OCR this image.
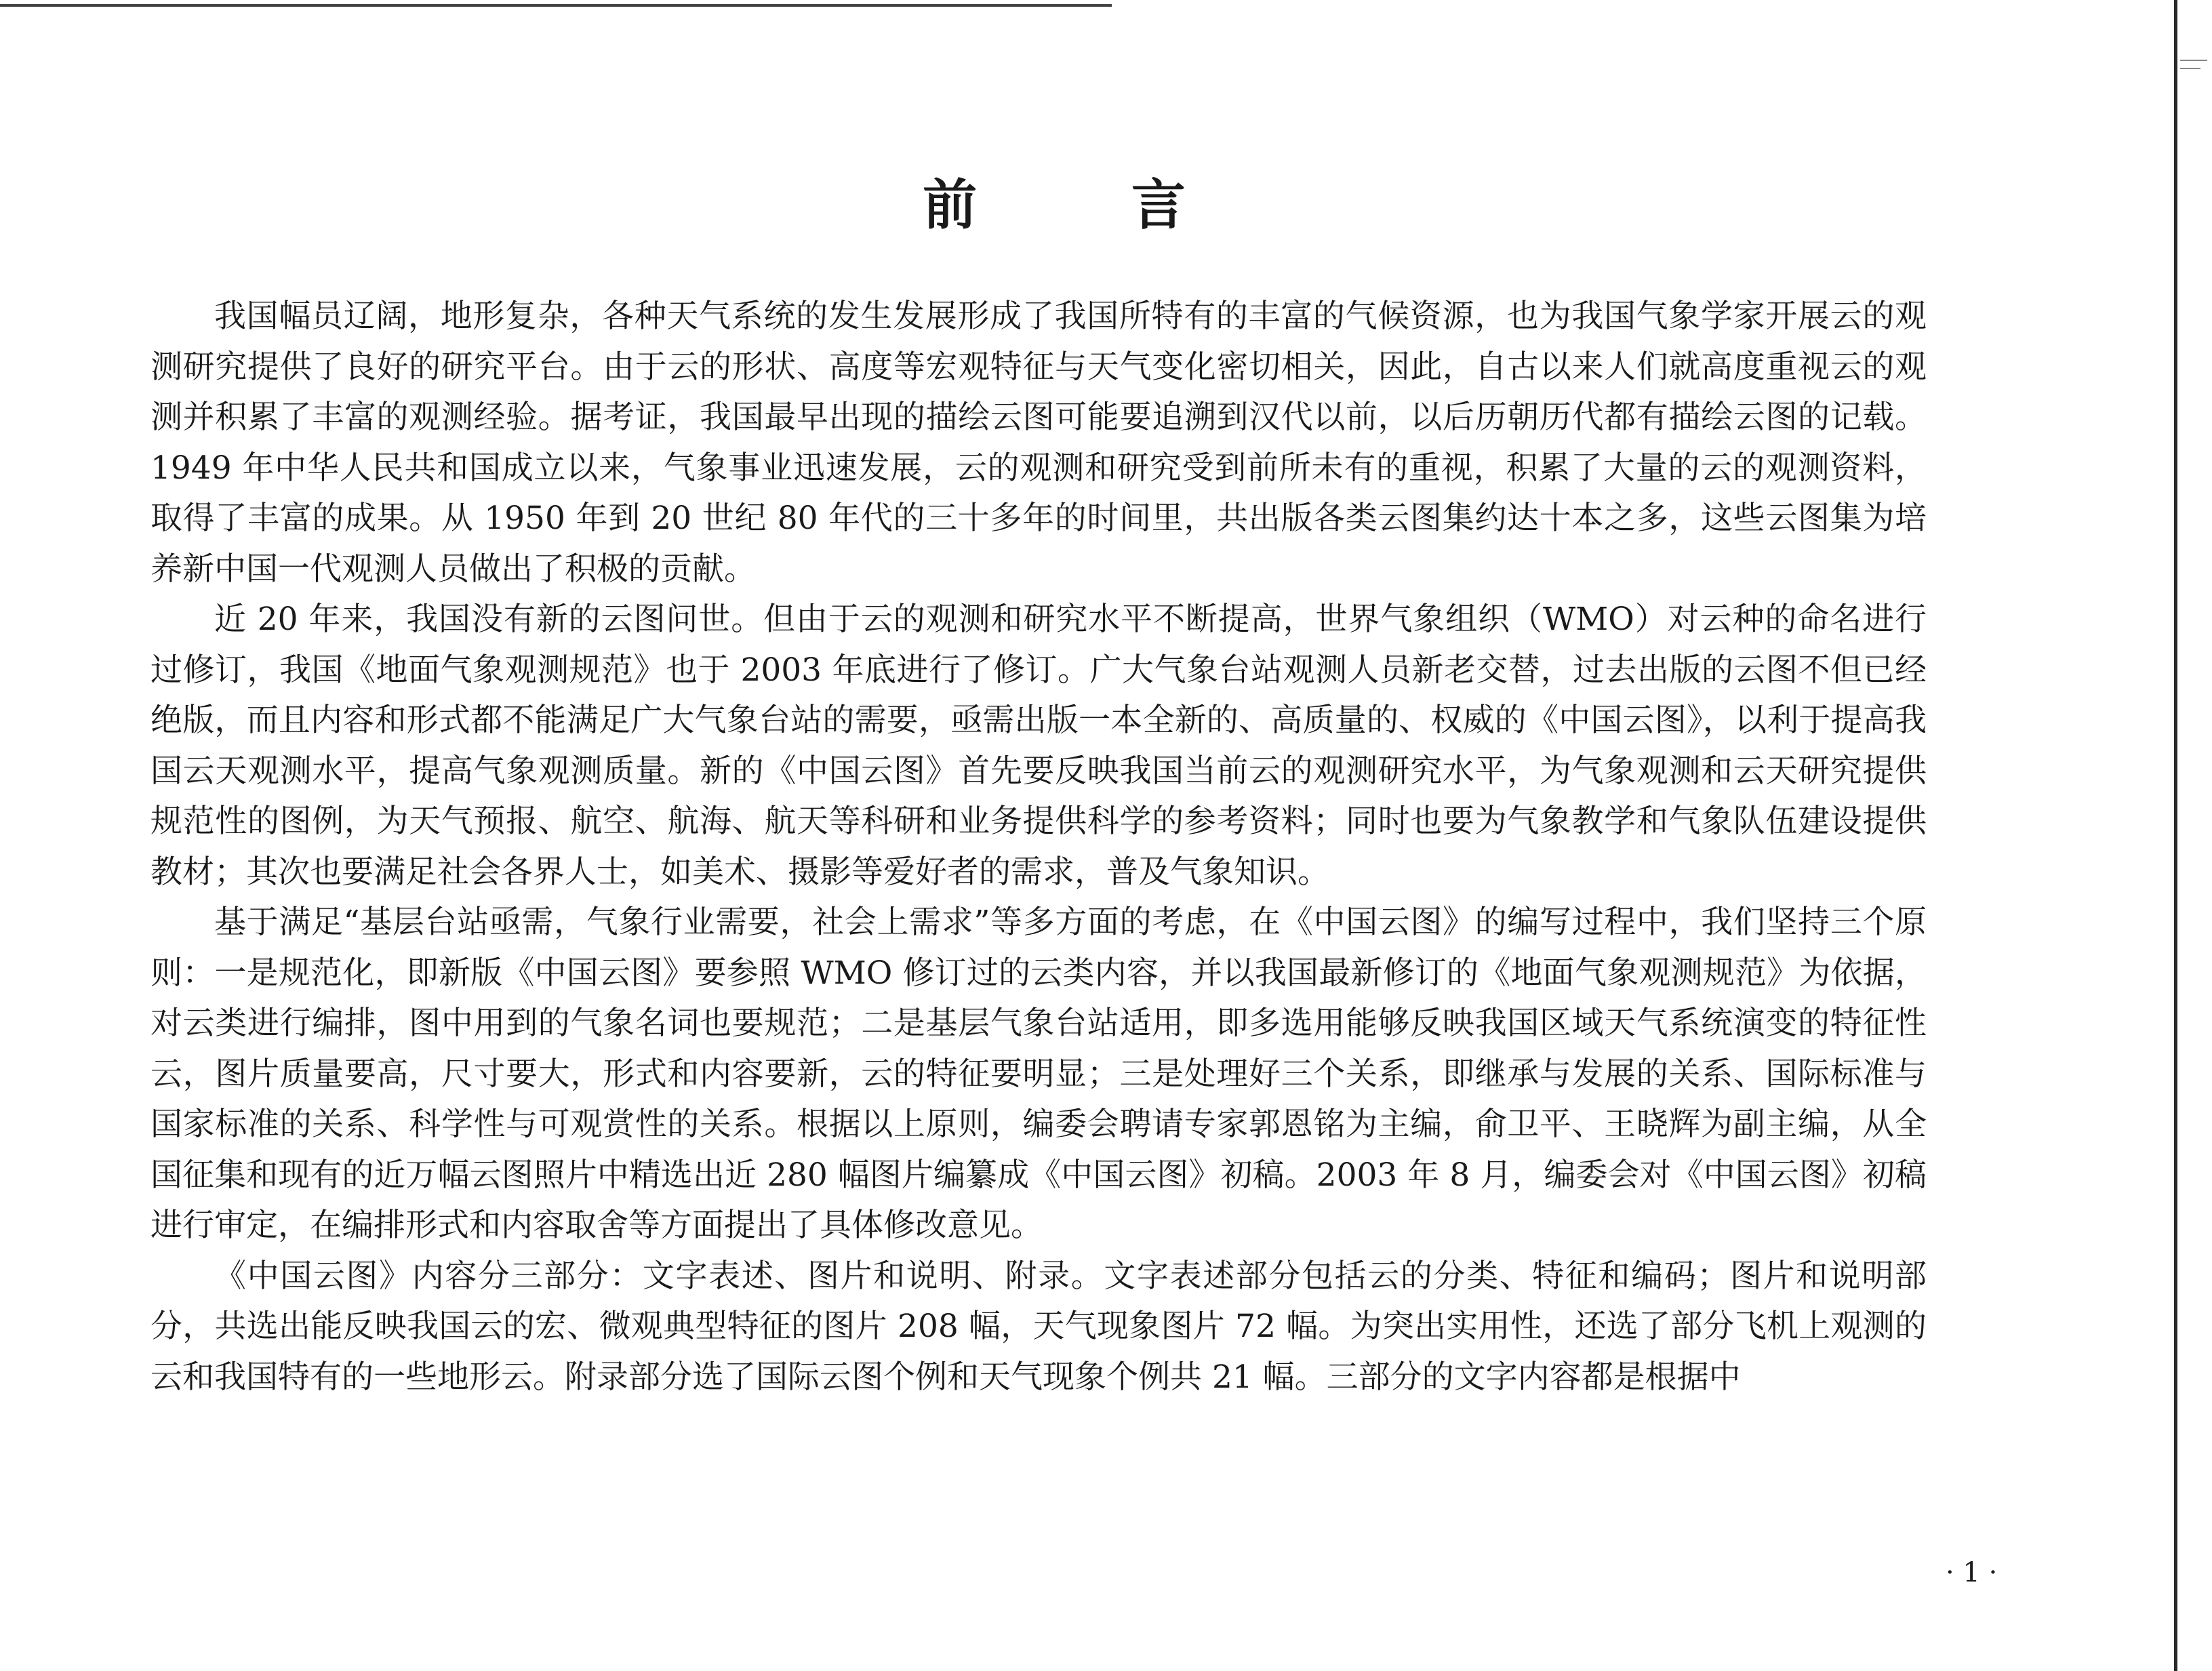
前 言

我国幅员辽阔，地形复杂，各种天气系统的发生发展形成了我国所特有的丰富的气候资源，也为我国气象学家开展云的观测研究提供了良好的研究平台。由于云的形状、高度等宏观特征与天气变化密切相关，因此，自古以来人们就高度重视云的观测并积累了丰富的观测经验。据考证，我国最早出现的描绘云图可能要追溯到汉代以前，以后历朝历代都有描绘云图的记载。1949 年中华人民共和国成立以来，气象事业迅速发展，云的观测和研究受到前所未有的重视，积累了大量的云的观测资料，取得了丰富的成果。从 1950 年到 20 世纪 80 年代的三十多年的时间里，共出版各类云图集约达十本之多，这些云图集为培养新中国一代观测人员做出了积极的贡献。

近 20 年来，我国没有新的云图问世。但由于云的观测和研究水平不断提高，世界气象组织（WMO）对云种的命名进行过修订，我国《地面气象观测规范》也于 2003 年底进行了修订。广大气象台站观测人员新老交替，过去出版的云图不但已经绝版，而且内容和形式都不能满足广大气象台站的需要，亟需出版一本全新的、高质量的、权威的《中国云图》，以利于提高我国云天观测水平，提高气象观测质量。新的《中国云图》首先要反映我国当前云的观测研究水平，为气象观测和云天研究提供规范性的图例，为天气预报、航空、航海、航天等科研和业务提供科学的参考资料；同时也要为气象教学和气象队伍建设提供教材；其次也要满足社会各界人士，如美术、摄影等爱好者的需求，普及气象知识。

基于满足“基层台站亟需，气象行业需要，社会上需求”等多方面的考虑，在《中国云图》的编写过程中，我们坚持三个原则：一是规范化，即新版《中国云图》要参照 WMO 修订过的云类内容，并以我国最新修订的《地面气象观测规范》为依据，对云类进行编排，图中用到的气象名词也要规范；二是基层气象台站适用，即多选用能够反映我国区域天气系统演变的特征性云，图片质量要高，尺寸要大，形式和内容要新，云的特征要明显；三是处理好三个关系，即继承与发展的关系、国际标准与国家标准的关系、科学性与可观赏性的关系。根据以上原则，编委会聘请专家郭恩铭为主编，俞卫平、王晓辉为副主编，从全国征集和现有的近万幅云图照片中精选出近 280 幅图片编纂成《中国云图》初稿。2003 年 8 月，编委会对《中国云图》初稿进行审定，在编排形式和内容取舍等方面提出了具体修改意见。

《中国云图》内容分三部分：文字表述、图片和说明、附录。文字表述部分包括云的分类、特征和编码；图片和说明部分，共选出能反映我国云的宏、微观典型特征的图片 208 幅，天气现象图片 72 幅。为突出实用性，还选了部分飞机上观测的云和我国特有的一些地形云。附录部分选了国际云图个例和天气现象个例共 21 幅。三部分的文字内容都是根据中

· 1 ·
